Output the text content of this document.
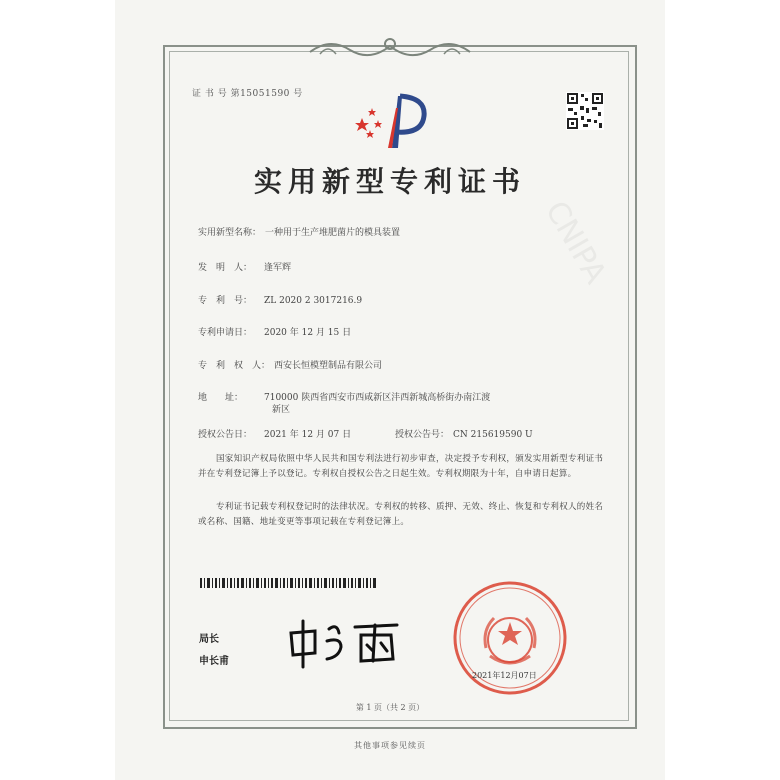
证 书 号 第15051590 号
实用新型专利证书
CNIPA
实用新型名称： 一种用于生产堆肥菌片的模具装置
发　明　人： 逢军辉
专　利　号： ZL 2020 2 3017216.9
专利申请日： 2020 年 12 月 15 日
专　利　权　人： 西安长恒模塑制品有限公司
地　　址： 710000 陕西省西安市西咸新区沣西新城高桥街办南江渡
新区
授权公告日： 2021 年 12 月 07 日	授权公告号： CN 215619590 U
国家知识产权局依照中华人民共和国专利法进行初步审查，决定授予专利权，颁发实用新型专利证书并在专利登记簿上予以登记。专利权自授权公告之日起生效。专利权期限为十年，自申请日起算。
专利证书记载专利权登记时的法律状况。专利权的转移、质押、无效、终止、恢复和专利权人的姓名或名称、国籍、地址变更等事项记载在专利登记簿上。
局长
申长甫
2021年12月07日
第 1 页（共 2 页）
其他事项参见续页
